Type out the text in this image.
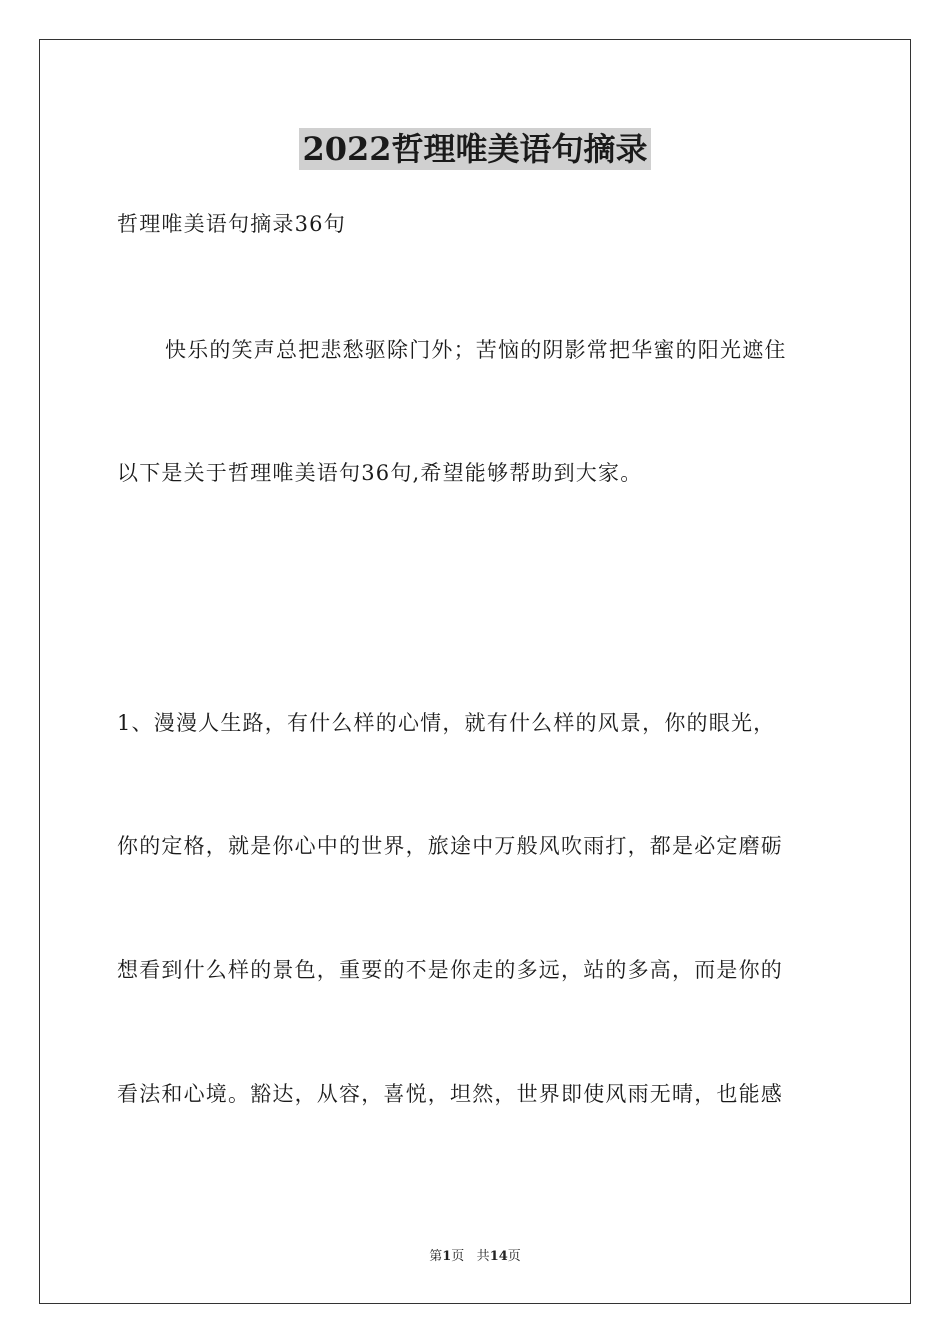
2022哲理唯美语句摘录
哲理唯美语句摘录36句
快乐的笑声总把悲愁驱除门外；苦恼的阴影常把华蜜的阳光遮住
以下是关于哲理唯美语句36句,希望能够帮助到大家。
1、漫漫人生路，有什么样的心情，就有什么样的风景，你的眼光，
你的定格，就是你心中的世界，旅途中万般风吹雨打，都是必定磨砺
想看到什么样的景色，重要的不是你走的多远，站的多高，而是你的
看法和心境。豁达，从容，喜悦，坦然，世界即使风雨无晴，也能感
第1页 共14页
